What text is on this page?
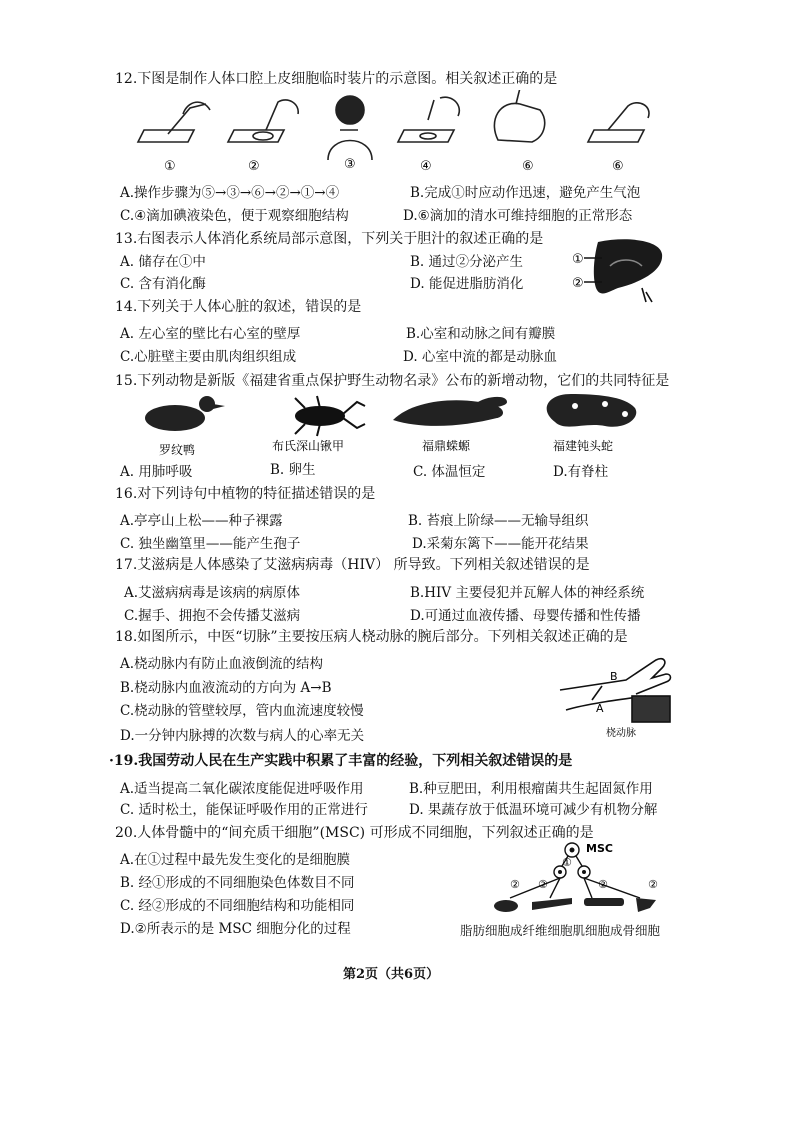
12.下图是制作人体口腔上皮细胞临时装片的示意图。相关叙述正确的是
①	②	③	④	⑥	⑥
A.操作步骤为⑤→③→⑥→②→①→④	B.完成①时应动作迅速，避免产生气泡
C.④滴加碘液染色，便于观察细胞结构	D.⑥滴加的清水可维持细胞的正常形态
13.右图表示人体消化系统局部示意图，下列关于胆汁的叙述正确的是
A. 储存在①中	B. 通过②分泌产生
C. 含有消化酶	D. 能促进脂肪消化
①
②
14.下列关于人体心脏的叙述，错误的是
A. 左心室的壁比右心室的壁厚	B.心室和动脉之间有瓣膜
C.心脏壁主要由肌肉组织组成	D. 心室中流的都是动脉血
15.下列动物是新版《福建省重点保护野生动物名录》公布的新增动物，它们的共同特征是
罗纹鸭	布氏深山锹甲	福鼎蝾螈	福建钝头蛇
A. 用肺呼吸	B. 卵生	C. 体温恒定	D.有脊柱
16.对下列诗句中植物的特征描述错误的是
A.亭亭山上松——种子裸露	B. 苔痕上阶绿——无输导组织
C. 独坐幽篁里——能产生孢子	D.采菊东篱下——能开花结果
17.艾滋病是人体感染了艾滋病病毒（HIV） 所导致。下列相关叙述错误的是
A.艾滋病病毒是该病的病原体	B.HIV 主要侵犯并瓦解人体的神经系统
C.握手、拥抱不会传播艾滋病	D.可通过血液传播、母婴传播和性传播
18.如图所示，中医“切脉”主要按压病人桡动脉的腕后部分。下列相关叙述正确的是
A.桡动脉内有防止血液倒流的结构
B.桡动脉内血液流动的方向为 A→B
C.桡动脉的管壁较厚，管内血流速度较慢
D.一分钟内脉搏的次数与病人的心率无关
B
A
桡动脉
·19.我国劳动人民在生产实践中积累了丰富的经验，下列相关叙述错误的是
A.适当提高二氧化碳浓度能促进呼吸作用	B.种豆肥田，利用根瘤菌共生起固氮作用
C. 适时松土，能保证呼吸作用的正常进行	D. 果蔬存放于低温环境可减少有机物分解
20.人体骨髓中的“间充质干细胞”(MSC) 可形成不同细胞，下列叙述正确的是
A.在①过程中最先发生变化的是细胞膜
B. 经①形成的不同细胞染色体数目不同
C. 经②形成的不同细胞结构和功能相同
D.②所表示的是 MSC 细胞分化的过程
MSC
①
② ②	②	②
脂肪细胞成纤维细胞肌细胞成骨细胞
第2页（共6页）
